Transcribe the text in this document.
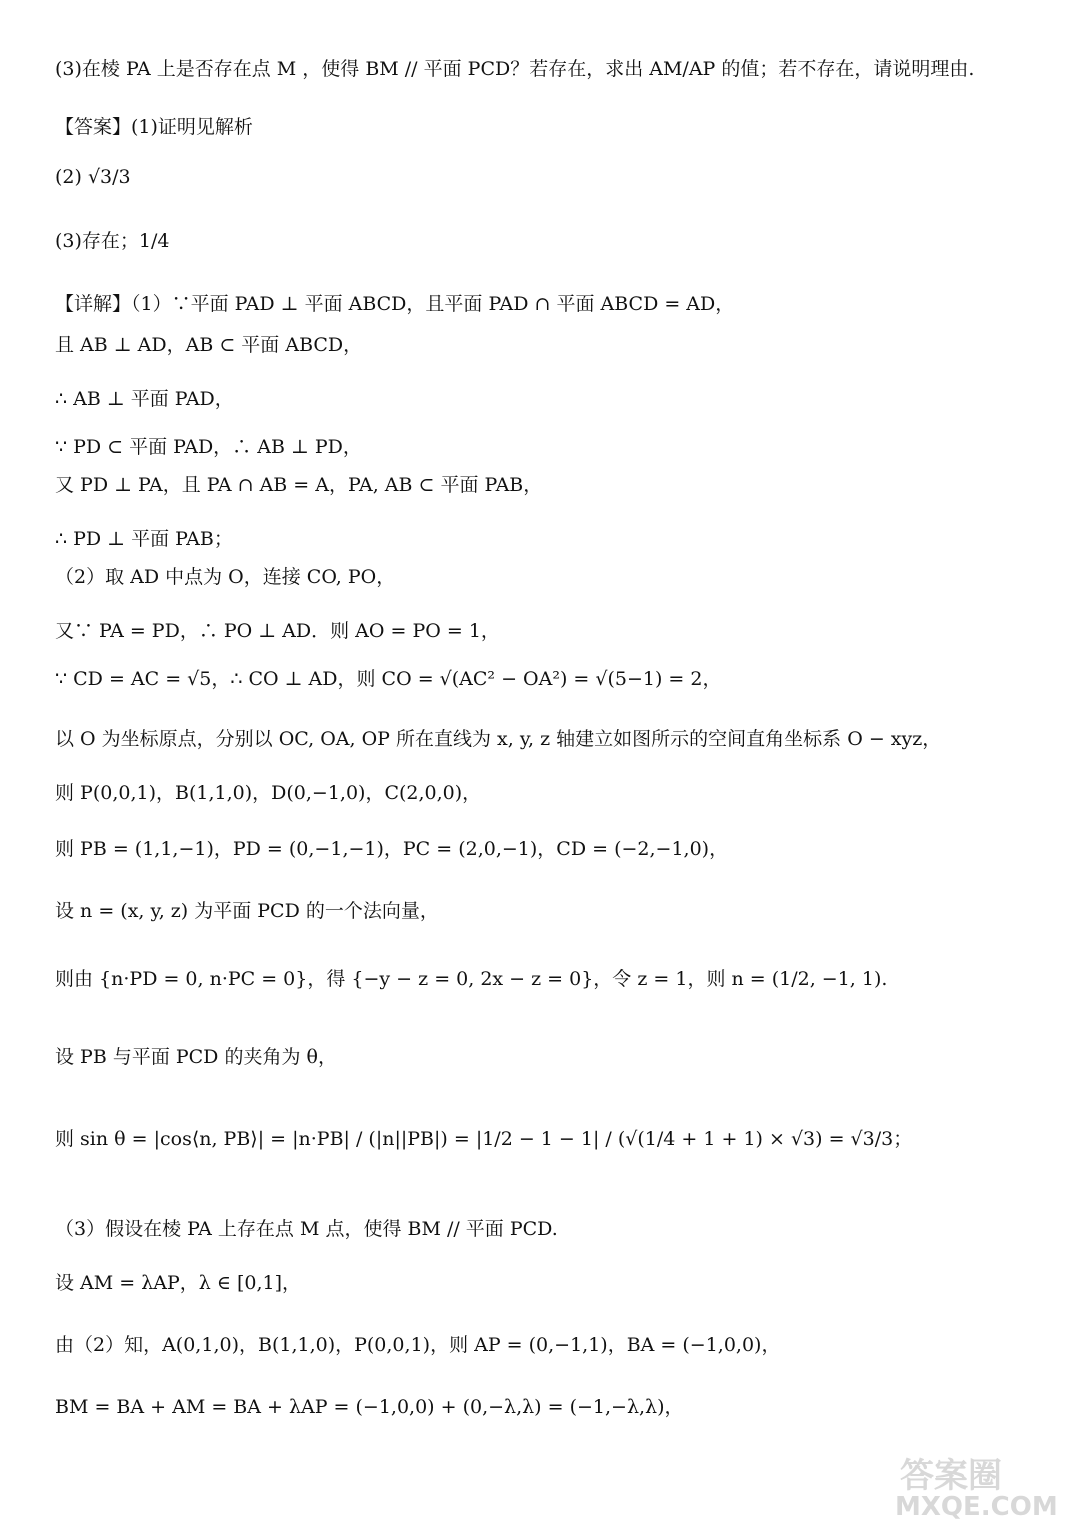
(3)在棱 PA 上是否存在点 M ，使得 BM // 平面 PCD？若存在，求出 AM/AP 的值；若不存在，请说明理由.
【答案】(1)证明见解析
(2) √3/3
(3)存在；1/4
【详解】（1）∵平面 PAD ⊥ 平面 ABCD，且平面 PAD ∩ 平面 ABCD = AD，
且 AB ⊥ AD，AB ⊂ 平面 ABCD，
∴ AB ⊥ 平面 PAD，
∵ PD ⊂ 平面 PAD，∴ AB ⊥ PD，
又 PD ⊥ PA，且 PA ∩ AB = A，PA, AB ⊂ 平面 PAB，
∴ PD ⊥ 平面 PAB；
（2）取 AD 中点为 O，连接 CO, PO，
又∵ PA = PD，∴ PO ⊥ AD．则 AO = PO = 1，
∵ CD = AC = √5，∴ CO ⊥ AD，则 CO = √(AC² − OA²) = √(5−1) = 2，
以 O 为坐标原点，分别以 OC, OA, OP 所在直线为 x, y, z 轴建立如图所示的空间直角坐标系 O − xyz，
则 P(0,0,1)，B(1,1,0)，D(0,−1,0)，C(2,0,0)，
则 PB = (1,1,−1)，PD = (0,−1,−1)，PC = (2,0,−1)，CD = (−2,−1,0)，
设 n = (x, y, z) 为平面 PCD 的一个法向量，
则由 {n·PD = 0, n·PC = 0}，得 {−y − z = 0, 2x − z = 0}，令 z = 1，则 n = (1/2, −1, 1).
设 PB 与平面 PCD 的夹角为 θ，
则 sin θ = |cos⟨n, PB⟩| = |n·PB| / (|n||PB|) = |1/2 − 1 − 1| / (√(1/4 + 1 + 1) × √3) = √3/3；
（3）假设在棱 PA 上存在点 M 点，使得 BM // 平面 PCD.
设 AM = λAP，λ ∈ [0,1]，
由（2）知，A(0,1,0)，B(1,1,0)，P(0,0,1)，则 AP = (0,−1,1)，BA = (−1,0,0)，
BM = BA + AM = BA + λAP = (−1,0,0) + (0,−λ,λ) = (−1,−λ,λ)，
答案圈
MXQE.COM
